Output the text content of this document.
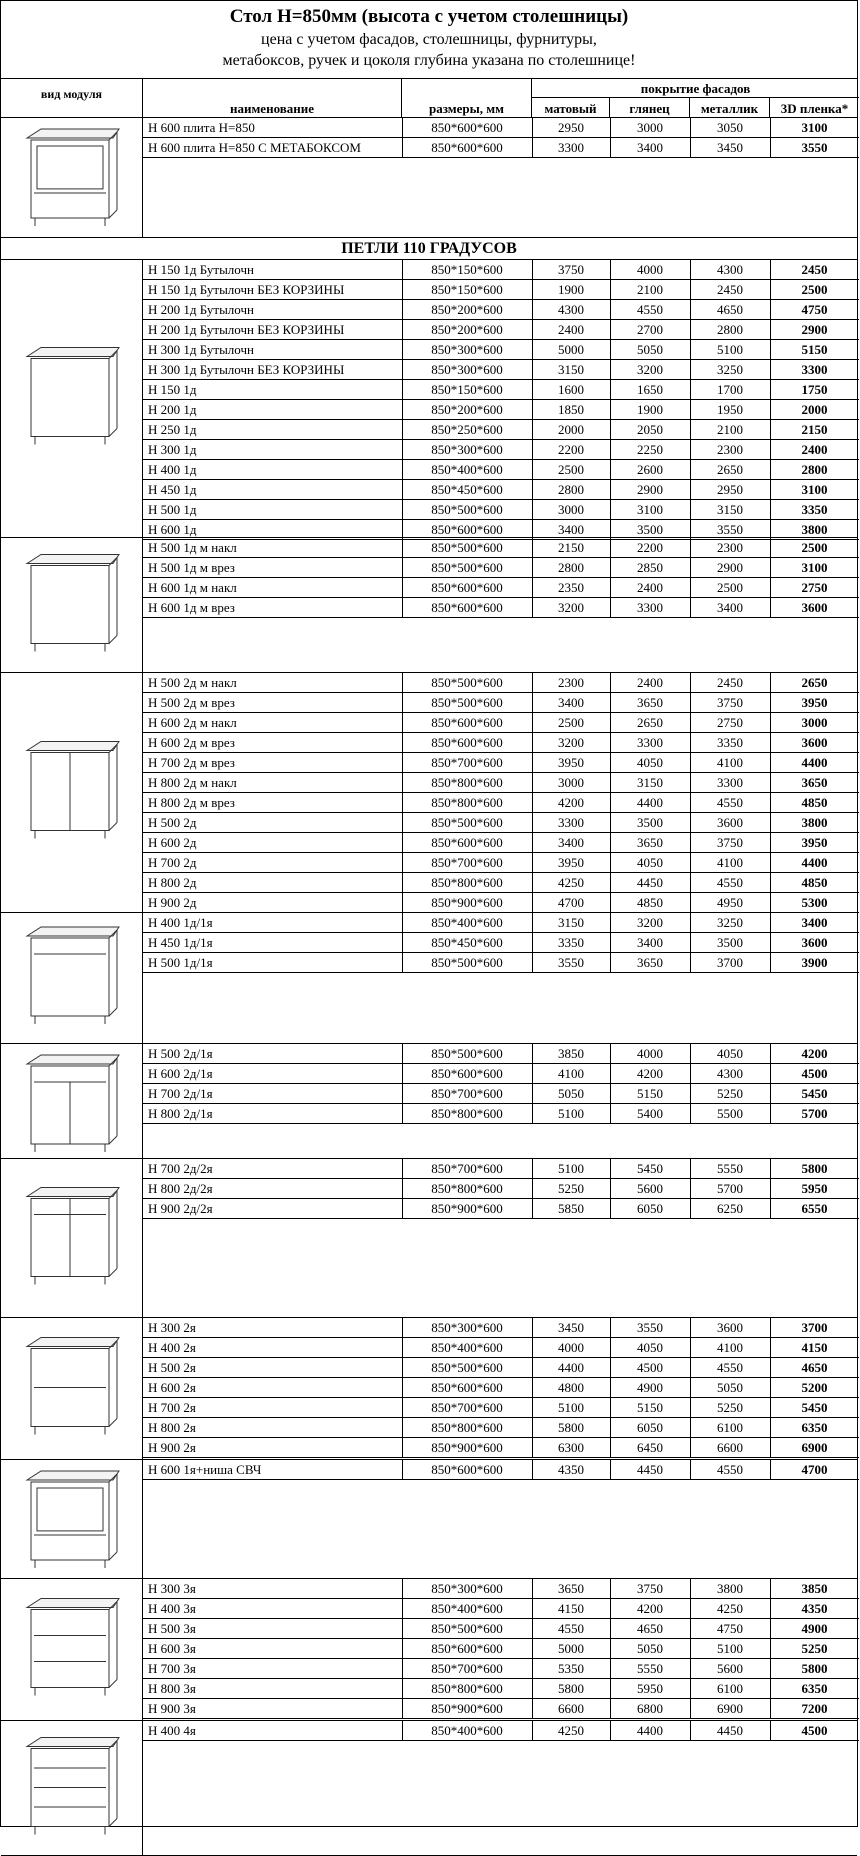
Стол Н=850мм (высота с учетом столешницы)
цена с учетом фасадов, столешницы, фурнитуры,
метабоксов, ручек и цоколя глубина указана по столешнице!
вид модуля
наименование	размеры, мм
покрытие фасадов
матовый	глянец	металлик	3D пленка*
Н 600 плита Н=850	850*600*600	2950	3000	3050	3100
Н 600 плита Н=850 С МЕТАБОКСОМ	850*600*600	3300	3400	3450	3550
ПЕТЛИ 110 ГРАДУСОВ
Н 150 1д Бутылочн	850*150*600	3750	4000	4300	2450
Н 150 1д Бутылочн БЕЗ КОРЗИНЫ	850*150*600	1900	2100	2450	2500
Н 200 1д Бутылочн	850*200*600	4300	4550	4650	4750
Н 200 1д Бутылочн БЕЗ КОРЗИНЫ	850*200*600	2400	2700	2800	2900
Н 300 1д Бутылочн	850*300*600	5000	5050	5100	5150
Н 300 1д Бутылочн БЕЗ КОРЗИНЫ	850*300*600	3150	3200	3250	3300
Н 150 1д	850*150*600	1600	1650	1700	1750
Н 200 1д	850*200*600	1850	1900	1950	2000
Н 250 1д	850*250*600	2000	2050	2100	2150
Н 300 1д	850*300*600	2200	2250	2300	2400
Н 400 1д	850*400*600	2500	2600	2650	2800
Н 450 1д	850*450*600	2800	2900	2950	3100
Н 500 1д	850*500*600	3000	3100	3150	3350
Н 600 1д	850*600*600	3400	3500	3550	3800
Н 500 1д м накл	850*500*600	2150	2200	2300	2500
Н 500 1д м врез	850*500*600	2800	2850	2900	3100
Н 600 1д м накл	850*600*600	2350	2400	2500	2750
Н 600 1д м врез	850*600*600	3200	3300	3400	3600
Н 500 2д м накл	850*500*600	2300	2400	2450	2650
Н 500 2д м врез	850*500*600	3400	3650	3750	3950
Н 600 2д м накл	850*600*600	2500	2650	2750	3000
Н 600 2д м врез	850*600*600	3200	3300	3350	3600
Н 700 2д м врез	850*700*600	3950	4050	4100	4400
Н 800 2д м накл	850*800*600	3000	3150	3300	3650
Н 800 2д м врез	850*800*600	4200	4400	4550	4850
Н 500 2д	850*500*600	3300	3500	3600	3800
Н 600 2д	850*600*600	3400	3650	3750	3950
Н 700 2д	850*700*600	3950	4050	4100	4400
Н 800 2д	850*800*600	4250	4450	4550	4850
Н 900 2д	850*900*600	4700	4850	4950	5300
Н 400 1д/1я	850*400*600	3150	3200	3250	3400
Н 450 1д/1я	850*450*600	3350	3400	3500	3600
Н 500 1д/1я	850*500*600	3550	3650	3700	3900
Н 500 2д/1я	850*500*600	3850	4000	4050	4200
Н 600 2д/1я	850*600*600	4100	4200	4300	4500
Н 700 2д/1я	850*700*600	5050	5150	5250	5450
Н 800 2д/1я	850*800*600	5100	5400	5500	5700
Н 700 2д/2я	850*700*600	5100	5450	5550	5800
Н 800 2д/2я	850*800*600	5250	5600	5700	5950
Н 900 2д/2я	850*900*600	5850	6050	6250	6550
Н 300 2я	850*300*600	3450	3550	3600	3700
Н 400 2я	850*400*600	4000	4050	4100	4150
Н 500 2я	850*500*600	4400	4500	4550	4650
Н 600 2я	850*600*600	4800	4900	5050	5200
Н 700 2я	850*700*600	5100	5150	5250	5450
Н 800 2я	850*800*600	5800	6050	6100	6350
Н 900 2я	850*900*600	6300	6450	6600	6900
Н 600 1я+ниша СВЧ	850*600*600	4350	4450	4550	4700
Н 300 3я	850*300*600	3650	3750	3800	3850
Н 400 3я	850*400*600	4150	4200	4250	4350
Н 500 3я	850*500*600	4550	4650	4750	4900
Н 600 3я	850*600*600	5000	5050	5100	5250
Н 700 3я	850*700*600	5350	5550	5600	5800
Н 800 3я	850*800*600	5800	5950	6100	6350
Н 900 3я	850*900*600	6600	6800	6900	7200
Н 400 4я	850*400*600	4250	4400	4450	4500
